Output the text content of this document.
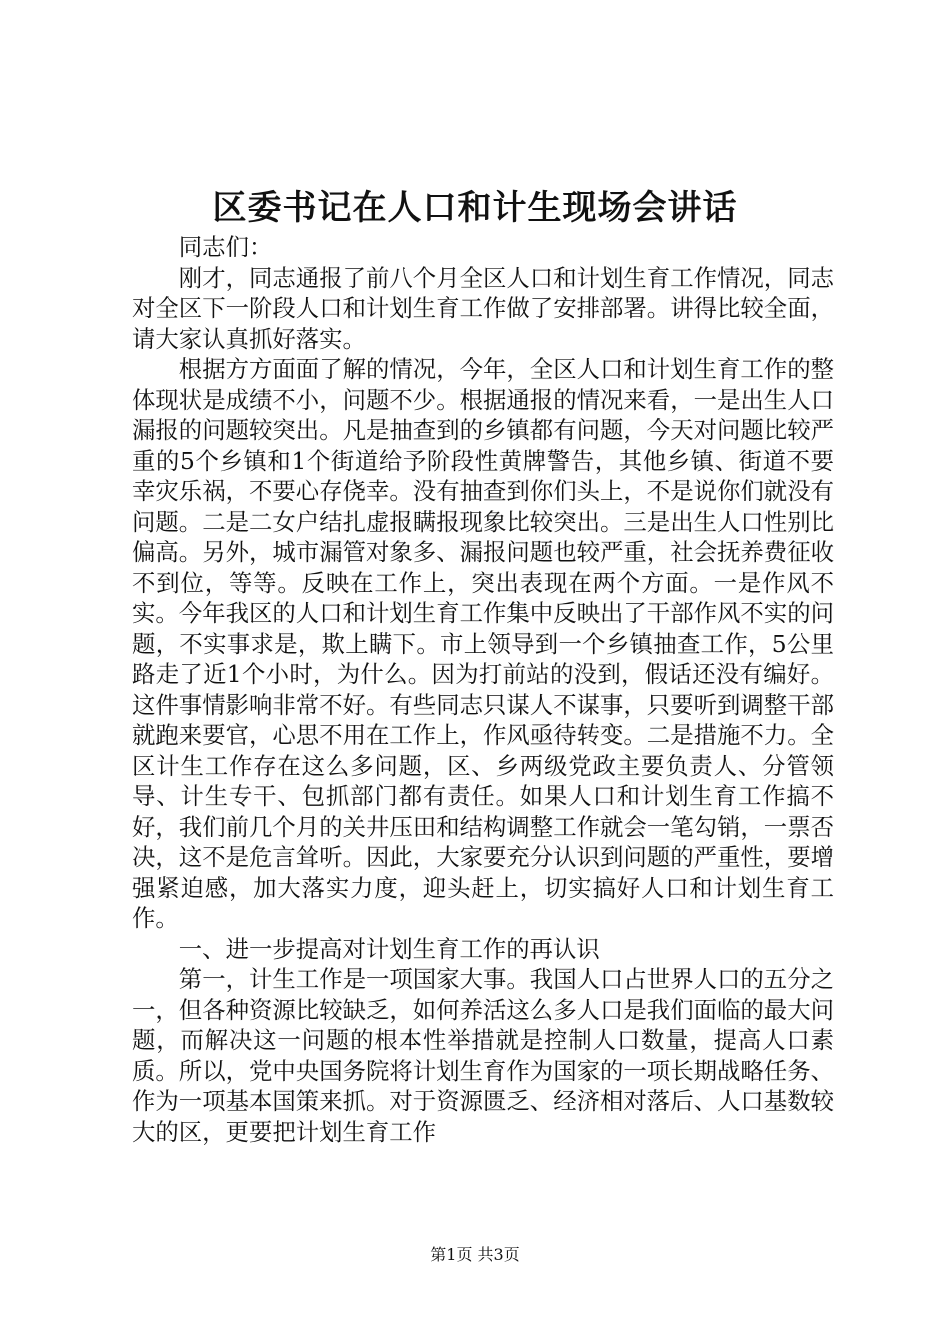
区委书记在人口和计生现场会讲话

同志们：

刚才，同志通报了前八个月全区人口和计划生育工作情况，同志对全区下一阶段人口和计划生育工作做了安排部署。讲得比较全面，请大家认真抓好落实。

根据方方面面了解的情况，今年，全区人口和计划生育工作的整体现状是成绩不小，问题不少。根据通报的情况来看，一是出生人口漏报的问题较突出。凡是抽查到的乡镇都有问题，今天对问题比较严重的5个乡镇和1个街道给予阶段性黄牌警告，其他乡镇、街道不要幸灾乐祸，不要心存侥幸。没有抽查到你们头上，不是说你们就没有问题。二是二女户结扎虚报瞒报现象比较突出。三是出生人口性别比偏高。另外，城市漏管对象多、漏报问题也较严重，社会抚养费征收不到位，等等。反映在工作上，突出表现在两个方面。一是作风不实。今年我区的人口和计划生育工作集中反映出了干部作风不实的问题，不实事求是，欺上瞒下。市上领导到一个乡镇抽查工作，5公里路走了近1个小时，为什么。因为打前站的没到，假话还没有编好。这件事情影响非常不好。有些同志只谋人不谋事，只要听到调整干部就跑来要官，心思不用在工作上，作风亟待转变。二是措施不力。全区计生工作存在这么多问题，区、乡两级党政主要负责人、分管领导、计生专干、包抓部门都有责任。如果人口和计划生育工作搞不好，我们前几个月的关井压田和结构调整工作就会一笔勾销，一票否决，这不是危言耸听。因此，大家要充分认识到问题的严重性，要增强紧迫感，加大落实力度，迎头赶上，切实搞好人口和计划生育工作。

一、进一步提高对计划生育工作的再认识

第一，计生工作是一项国家大事。我国人口占世界人口的五分之一，但各种资源比较缺乏，如何养活这么多人口是我们面临的最大问题，而解决这一问题的根本性举措就是控制人口数量，提高人口素质。所以，党中央国务院将计划生育作为国家的一项长期战略任务、作为一项基本国策来抓。对于资源匮乏、经济相对落后、人口基数较大的区，更要把计划生育工作

第1页 共3页
